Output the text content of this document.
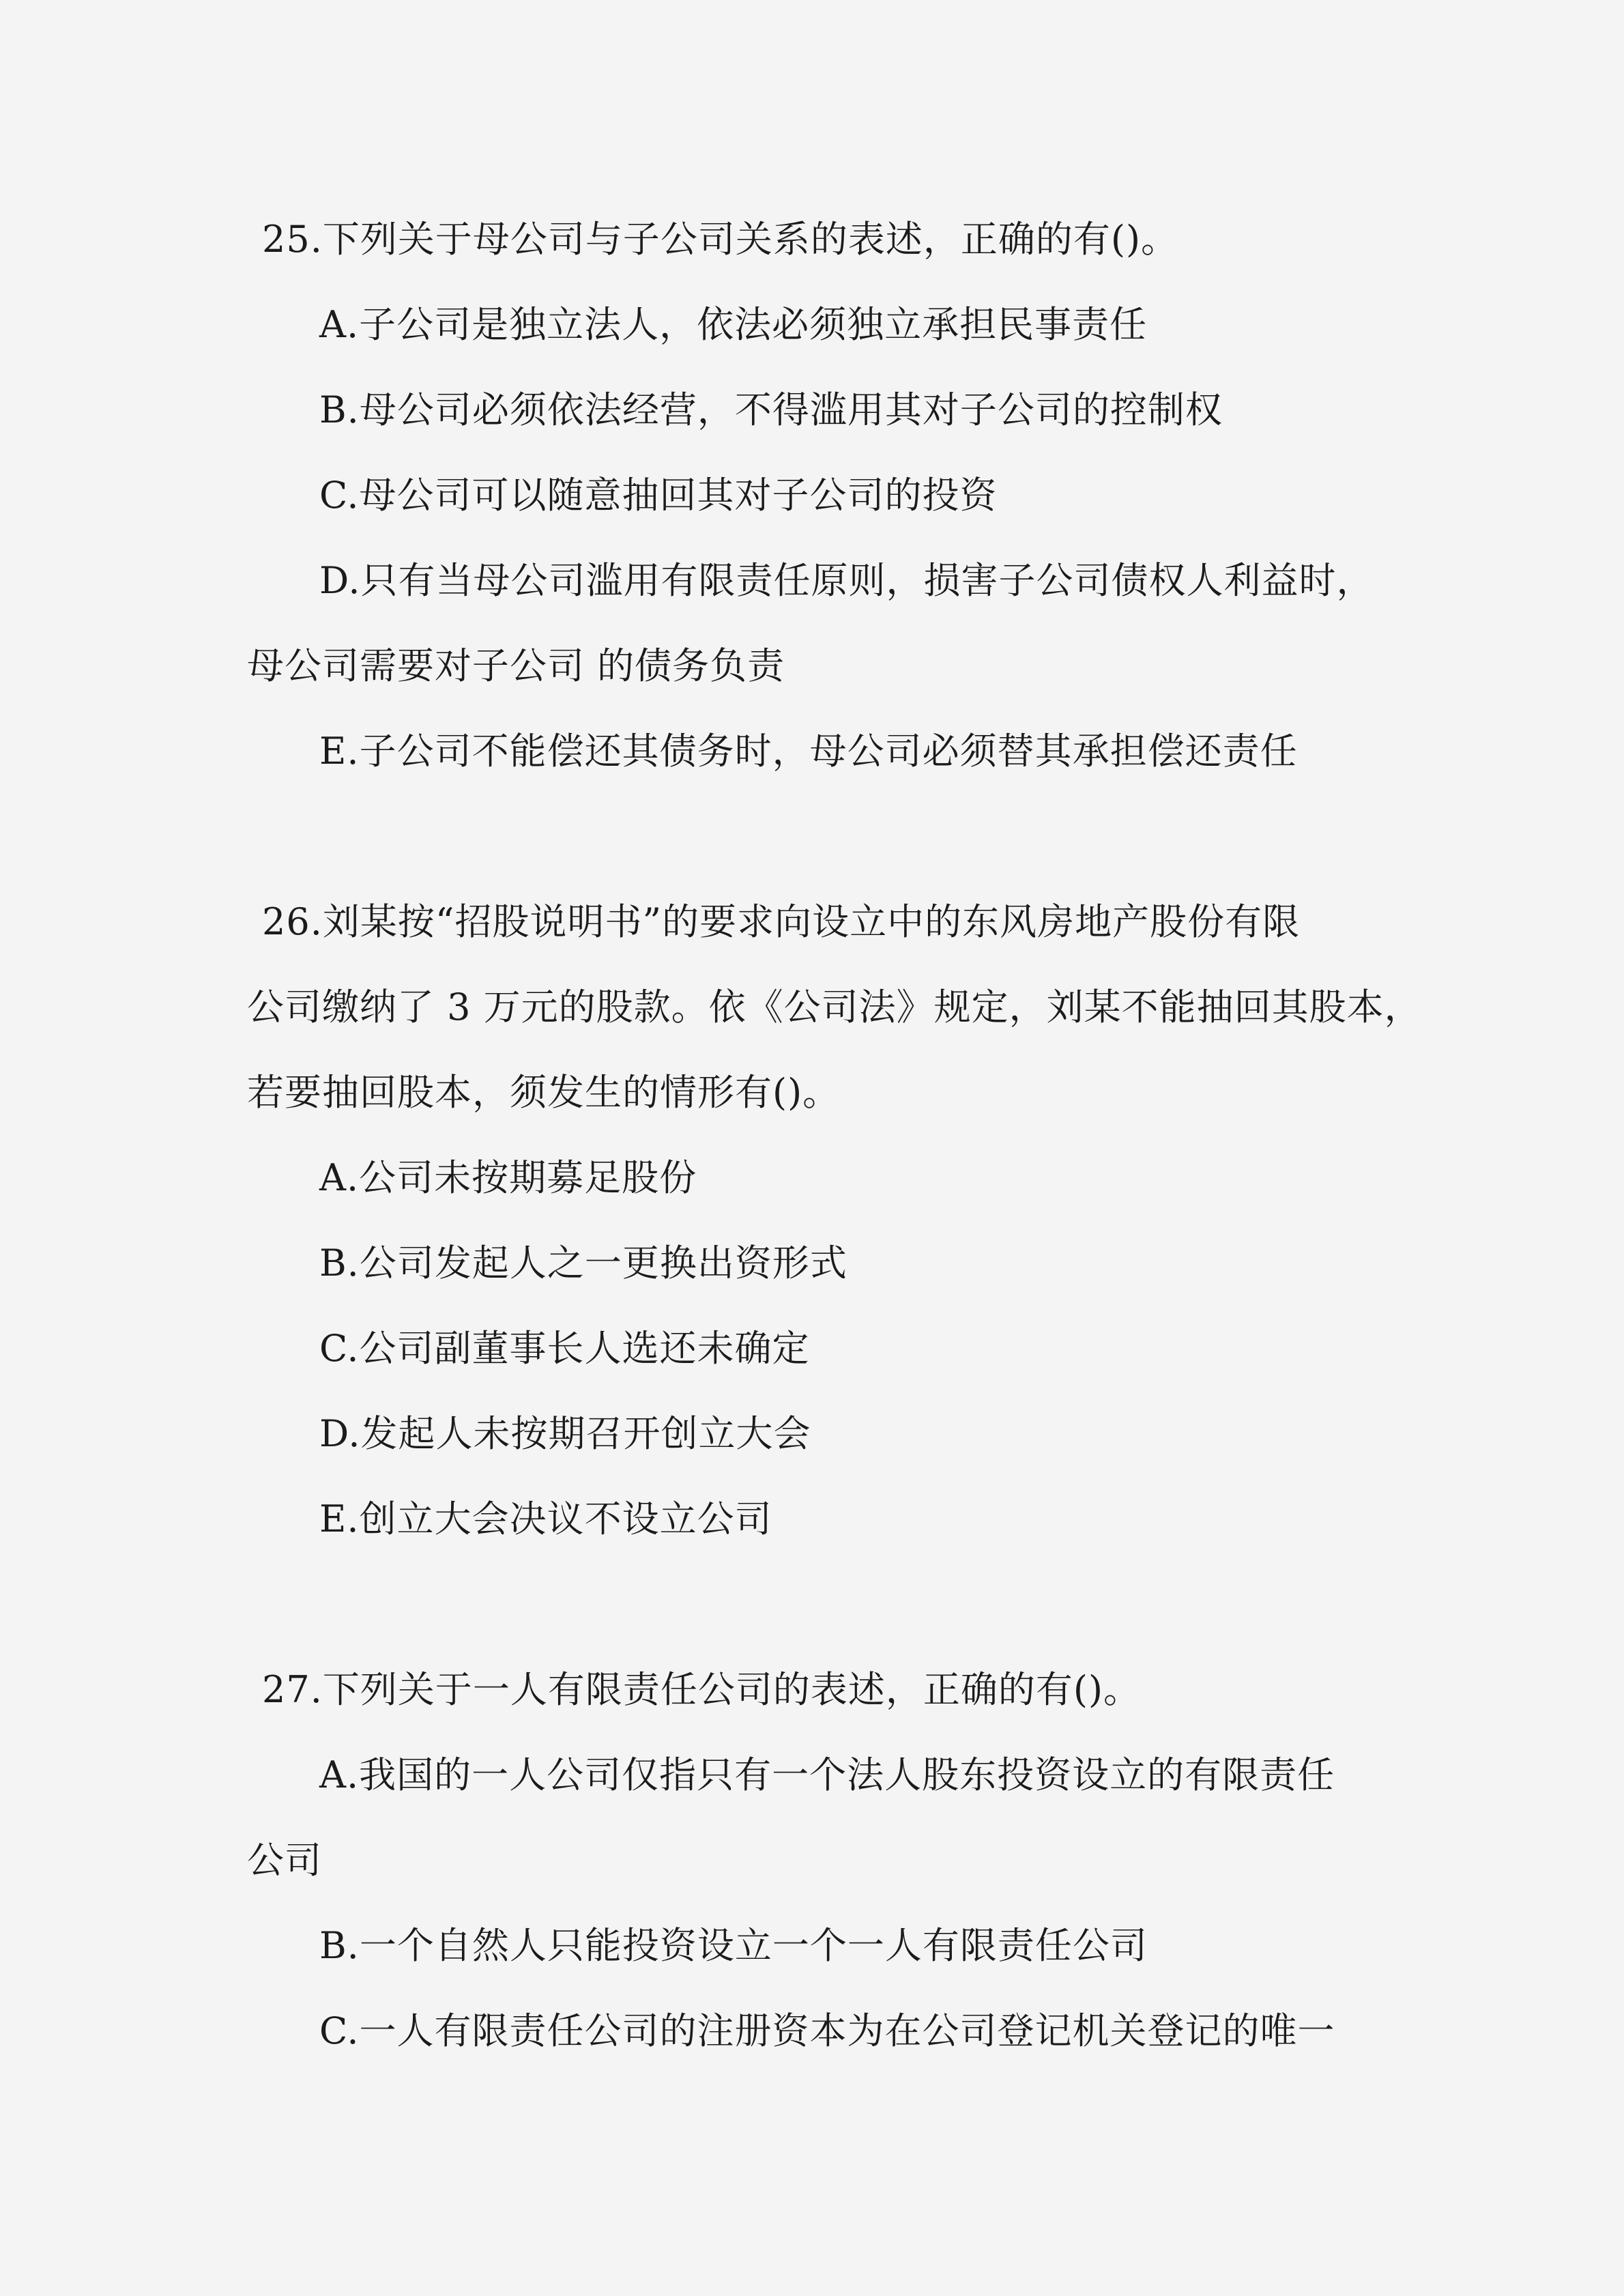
25.下列关于母公司与子公司关系的表述，正确的有()。
A.子公司是独立法人，依法必须独立承担民事责任
B.母公司必须依法经营，不得滥用其对子公司的控制权
C.母公司可以随意抽回其对子公司的投资
D.只有当母公司滥用有限责任原则，损害子公司债权人利益时，
母公司需要对子公司 的债务负责
E.子公司不能偿还其债务时，母公司必须替其承担偿还责任
26.刘某按“招股说明书”的要求向设立中的东风房地产股份有限
公司缴纳了 3 万元的股款。依《公司法》规定，刘某不能抽回其股本，
若要抽回股本，须发生的情形有()。
A.公司未按期募足股份
B.公司发起人之一更换出资形式
C.公司副董事长人选还未确定
D.发起人未按期召开创立大会
E.创立大会决议不设立公司
27.下列关于一人有限责任公司的表述，正确的有()。
A.我国的一人公司仅指只有一个法人股东投资设立的有限责任
公司
B.一个自然人只能投资设立一个一人有限责任公司
C.一人有限责任公司的注册资本为在公司登记机关登记的唯一
